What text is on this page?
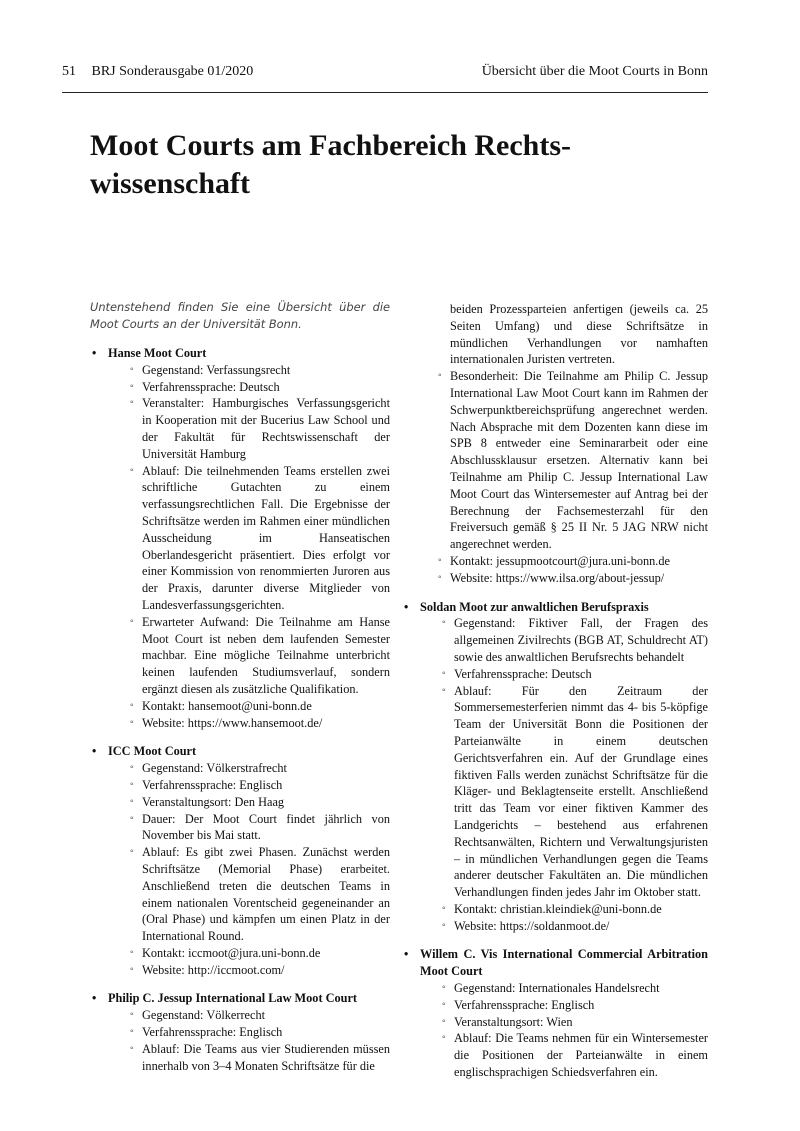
51 BRJ Sonderausgabe 01/2020	Übersicht über die Moot Courts in Bonn
Moot Courts am Fachbereich Rechts-wissenschaft

Untenstehend finden Sie eine Übersicht über die Moot Courts an der Universität Bonn.

• Hanse Moot Court
◦ Gegenstand: Verfassungsrecht
◦ Verfahrenssprache: Deutsch
◦ Veranstalter: Hamburgisches Verfassungsgericht in Kooperation mit der Bucerius Law School und der Fakultät für Rechtswissenschaft der Universität Hamburg
◦ Ablauf: Die teilnehmenden Teams erstellen zwei schriftliche Gutachten zu einem verfassungsrechtlichen Fall. Die Ergebnisse der Schriftsätze werden im Rahmen einer mündlichen Ausscheidung im Hanseatischen Oberlandesgericht präsentiert. Dies erfolgt vor einer Kommission von renommierten Juroren aus der Praxis, darunter diverse Mitglieder von Landesverfassungsgerichten.
◦ Erwarteter Aufwand: Die Teilnahme am Hanse Moot Court ist neben dem laufenden Semester machbar. Eine mögliche Teilnahme unterbricht keinen laufenden Studiumsverlauf, sondern ergänzt diesen als zusätzliche Qualifikation.
◦ Kontakt: hansemoot@uni-bonn.de
◦ Website: https://www.hansemoot.de/
• ICC Moot Court
◦ Gegenstand: Völkerstrafrecht
◦ Verfahrenssprache: Englisch
◦ Veranstaltungsort: Den Haag
◦ Dauer: Der Moot Court findet jährlich von November bis Mai statt.
◦ Ablauf: Es gibt zwei Phasen. Zunächst werden Schriftsätze (Memorial Phase) erarbeitet. Anschließend treten die deutschen Teams in einem nationalen Vorentscheid gegeneinander an (Oral Phase) und kämpfen um einen Platz in der International Round.
◦ Kontakt: iccmoot@jura.uni-bonn.de
◦ Website: http://iccmoot.com/
• Philip C. Jessup International Law Moot Court
◦ Gegenstand: Völkerrecht
◦ Verfahrenssprache: Englisch
◦ Ablauf: Die Teams aus vier Studierenden müssen innerhalb von 3–4 Monaten Schriftsätze für die
beiden Prozessparteien anfertigen (jeweils ca. 25 Seiten Umfang) und diese Schriftsätze in mündlichen Verhandlungen vor namhaften internationalen Juristen vertreten.
◦ Besonderheit: Die Teilnahme am Philip C. Jessup International Law Moot Court kann im Rahmen der Schwerpunktbereichsprüfung angerechnet werden. Nach Absprache mit dem Dozenten kann diese im SPB 8 entweder eine Seminararbeit oder eine Abschlussklausur ersetzen. Alternativ kann bei Teilnahme am Philip C. Jessup International Law Moot Court das Wintersemester auf Antrag bei der Berechnung der Fachsemesterzahl für den Freiversuch gemäß § 25 II Nr. 5 JAG NRW nicht angerechnet werden.
◦ Kontakt: jessupmootcourt@jura.uni-bonn.de
◦ Website: https://www.ilsa.org/about-jessup/
• Soldan Moot zur anwaltlichen Berufspraxis
◦ Gegenstand: Fiktiver Fall, der Fragen des allgemeinen Zivilrechts (BGB AT, Schuldrecht AT) sowie des anwaltlichen Berufsrechts behandelt
◦ Verfahrenssprache: Deutsch
◦ Ablauf: Für den Zeitraum der Sommersemesterferien nimmt das 4- bis 5-köpfige Team der Universität Bonn die Positionen der Parteianwälte in einem deutschen Gerichtsverfahren ein. Auf der Grundlage eines fiktiven Falls werden zunächst Schriftsätze für die Kläger- und Beklagtenseite erstellt. Anschließend tritt das Team vor einer fiktiven Kammer des Landgerichts – bestehend aus erfahrenen Rechtsanwälten, Richtern und Verwaltungsjuristen – in mündlichen Verhandlungen gegen die Teams anderer deutscher Fakultäten an. Die mündlichen Verhandlungen finden jedes Jahr im Oktober statt.
◦ Kontakt: christian.kleindiek@uni-bonn.de
◦ Website: https://soldanmoot.de/
• Willem C. Vis International Commercial Arbitration Moot Court
◦ Gegenstand: Internationales Handelsrecht
◦ Verfahrenssprache: Englisch
◦ Veranstaltungsort: Wien
◦ Ablauf: Die Teams nehmen für ein Wintersemester die Positionen der Parteianwälte in einem englischsprachigen Schiedsverfahren ein.
